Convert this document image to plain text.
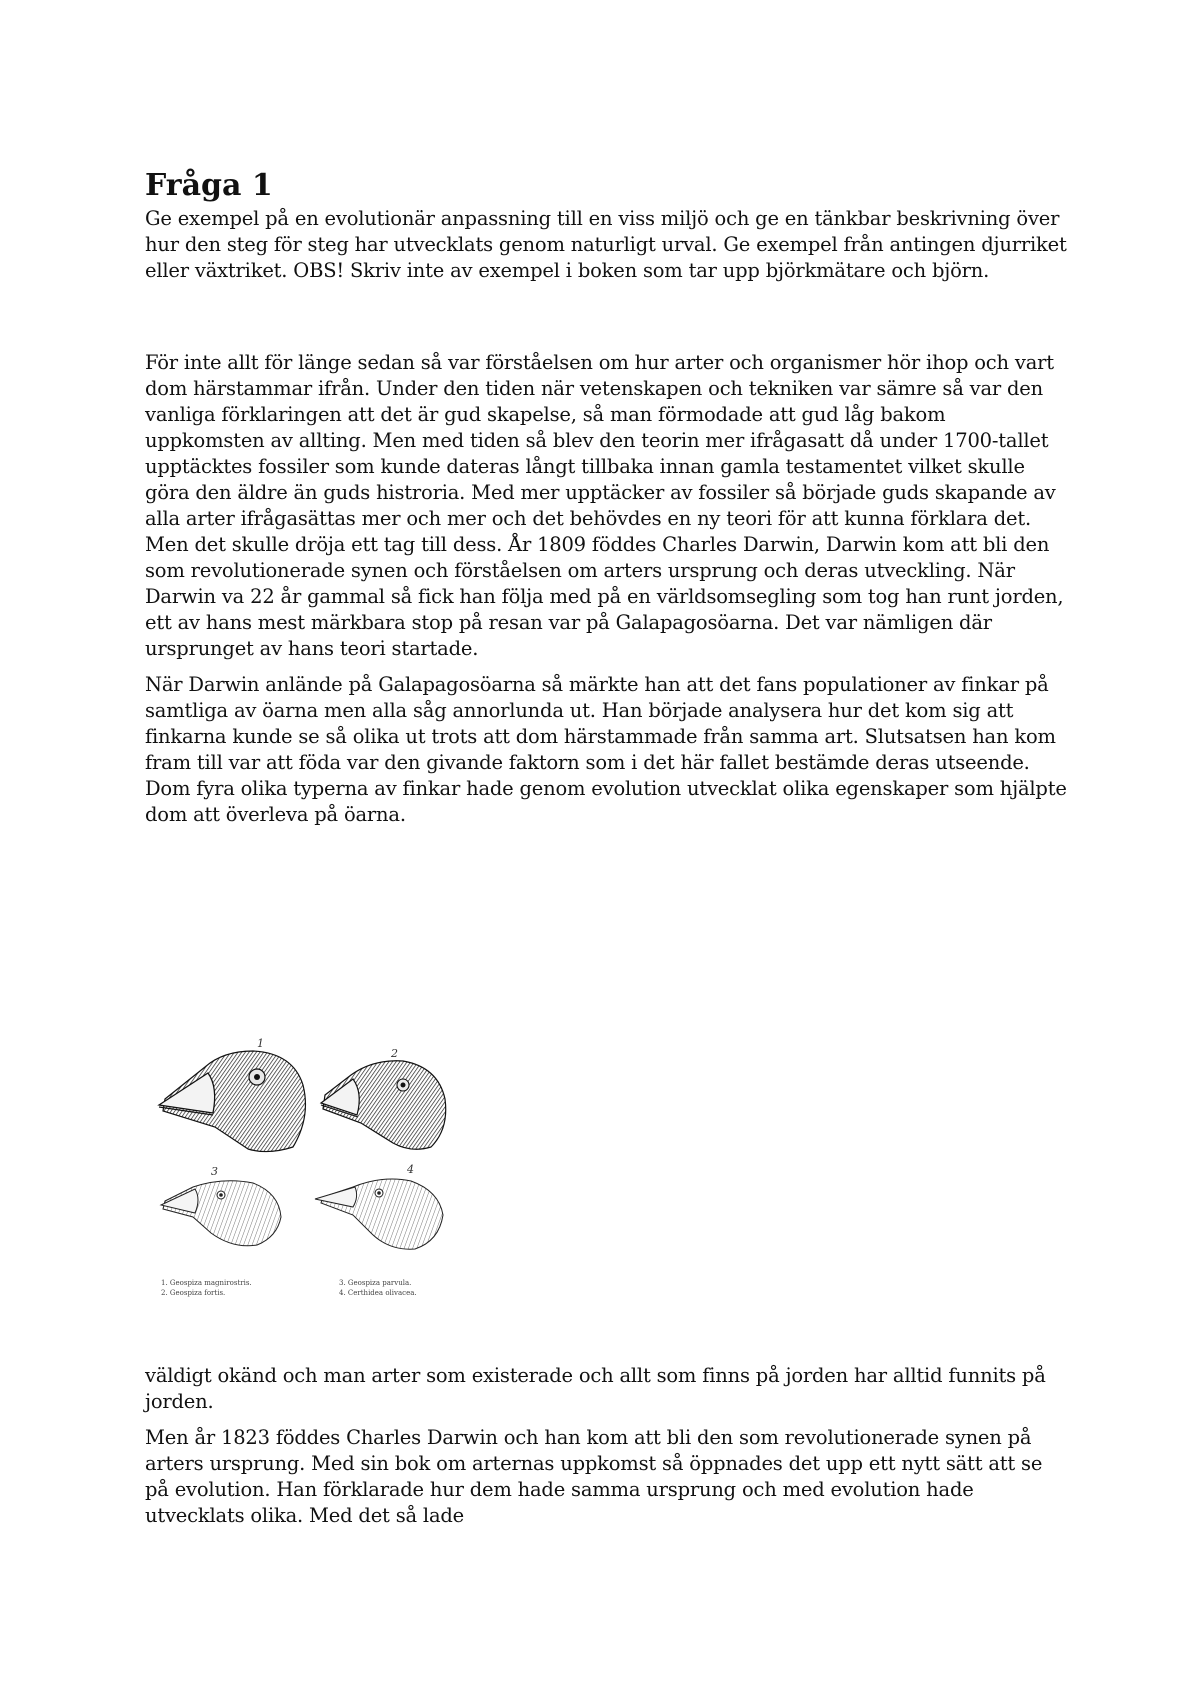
Fråga 1

Ge exempel på en evolutionär anpassning till en viss miljö och ge en tänkbar beskrivning över hur den steg för steg har utvecklats genom naturligt urval. Ge exempel från antingen djurriket eller växtriket. OBS! Skriv inte av exempel i boken som tar upp björkmätare och björn.

För inte allt för länge sedan så var förståelsen om hur arter och organismer hör ihop och vart dom härstammar ifrån. Under den tiden när vetenskapen och tekniken var sämre så var den vanliga förklaringen att det är gud skapelse, så man förmodade att gud låg bakom uppkomsten av allting. Men med tiden så blev den teorin mer ifrågasatt då under 1700-tallet upptäcktes fossiler som kunde dateras långt tillbaka innan gamla testamentet vilket skulle göra den äldre än guds histroria. Med mer upptäcker av fossiler så började guds skapande av alla arter ifrågasättas mer och mer och det behövdes en ny teori för att kunna förklara det. Men det skulle dröja ett tag till dess. År 1809 föddes Charles Darwin, Darwin kom att bli den som revolutionerade synen och förståelsen om arters ursprung och deras utveckling. När Darwin va 22 år gammal så fick han följa med på en världsomsegling som tog han runt jorden, ett av hans mest märkbara stop på resan var på Galapagosöarna. Det var nämligen där ursprunget av hans teori startade.

När Darwin anlände på Galapagosöarna så märkte han att det fans populationer av finkar på samtliga av öarna men alla såg annorlunda ut. Han började analysera hur det kom sig att finkarna kunde se så olika ut trots att dom härstammade från samma art. Slutsatsen han kom fram till var att föda var den givande faktorn som i det här fallet bestämde deras utseende. Dom fyra olika typerna av finkar hade genom evolution utvecklat olika egenskaper som hjälpte dom att överleva på öarna.

1
2
3	4
1. Geospiza magnirostris.
2. Geospiza fortis.
3. Geospiza parvula.
4. Certhidea olivacea.

väldigt okänd och man arter som existerade och allt som finns på jorden har alltid funnits på jorden.

Men år 1823 föddes Charles Darwin och han kom att bli den som revolutionerade synen på arters ursprung. Med sin bok om arternas uppkomst så öppnades det upp ett nytt sätt att se på evolution. Han förklarade hur dem hade samma ursprung och med evolution hade utvecklats olika. Med det så lade
